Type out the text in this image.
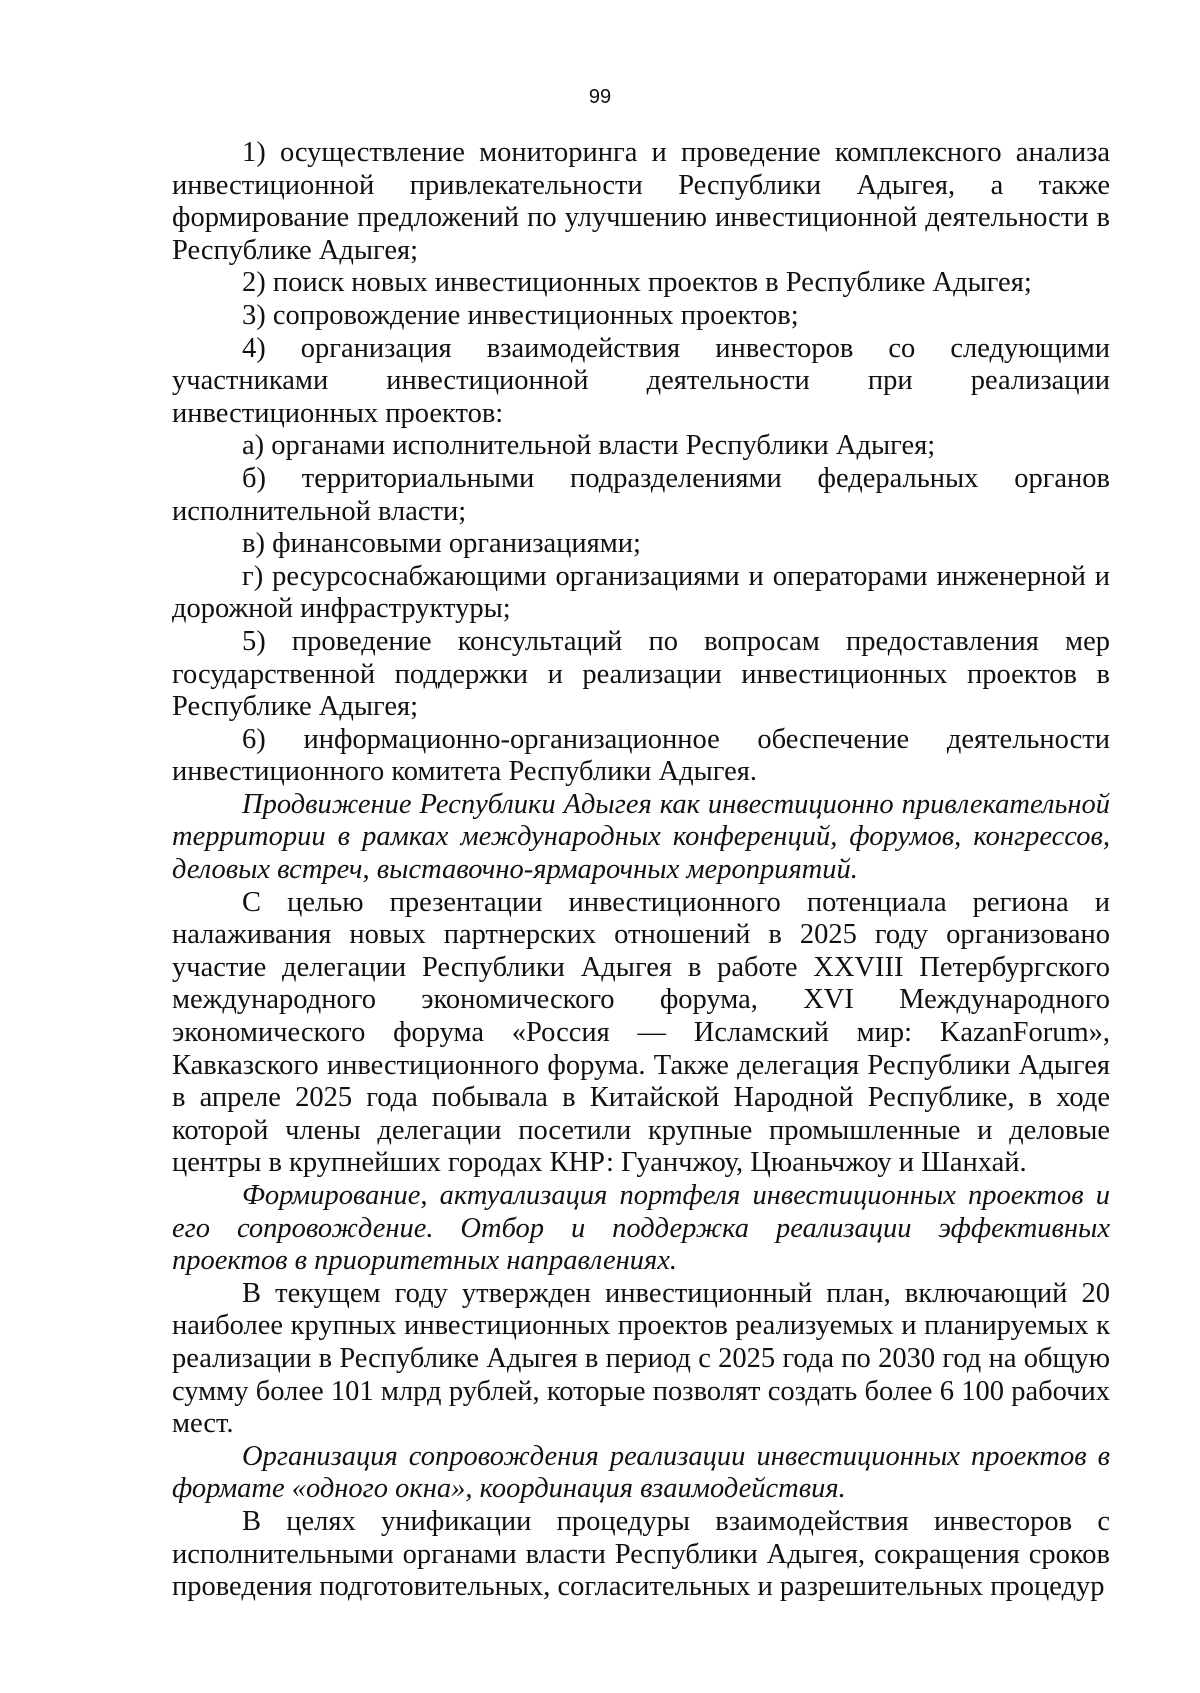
99

1) осуществление мониторинга и проведение комплексного анализа инвестиционной привлекательности Республики Адыгея, а также формирование предложений по улучшению инвестиционной деятельности в Республике Адыгея;

2) поиск новых инвестиционных проектов в Республике Адыгея;

3) сопровождение инвестиционных проектов;

4) организация взаимодействия инвесторов со следующими участниками инвестиционной деятельности при реализации инвестиционных проектов:

а) органами исполнительной власти Республики Адыгея;

б) территориальными подразделениями федеральных органов исполнительной власти;

в) финансовыми организациями;

г) ресурсоснабжающими организациями и операторами инженерной и дорожной инфраструктуры;

5) проведение консультаций по вопросам предоставления мер государственной поддержки и реализации инвестиционных проектов в Республике Адыгея;

6) информационно-организационное обеспечение деятельности инвестиционного комитета Республики Адыгея.

Продвижение Республики Адыгея как инвестиционно привлекательной территории в рамках международных конференций, форумов, конгрессов, деловых встреч, выставочно-ярмарочных мероприятий.

С целью презентации инвестиционного потенциала региона и налаживания новых партнерских отношений в 2025 году организовано участие делегации Республики Адыгея в работе XXVIII Петербургского международного экономического форума, XVI Международного экономического форума «Россия — Исламский мир: KazanForum», Кавказского инвестиционного форума. Также делегация Республики Адыгея в апреле 2025 года побывала в Китайской Народной Республике, в ходе которой члены делегации посетили крупные промышленные и деловые центры в крупнейших городах КНР: Гуанчжоу, Цюаньчжоу и Шанхай.

Формирование, актуализация портфеля инвестиционных проектов и его сопровождение. Отбор и поддержка реализации эффективных проектов в приоритетных направлениях.

В текущем году утвержден инвестиционный план, включающий 20 наиболее крупных инвестиционных проектов реализуемых и планируемых к реализации в Республике Адыгея в период с 2025 года по 2030 год на общую сумму более 101 млрд рублей, которые позволят создать более 6 100 рабочих мест.

Организация сопровождения реализации инвестиционных проектов в формате «одного окна», координация взаимодействия.

В целях унификации процедуры взаимодействия инвесторов с исполнительными органами власти Республики Адыгея, сокращения сроков проведения подготовительных, согласительных и разрешительных процедур
